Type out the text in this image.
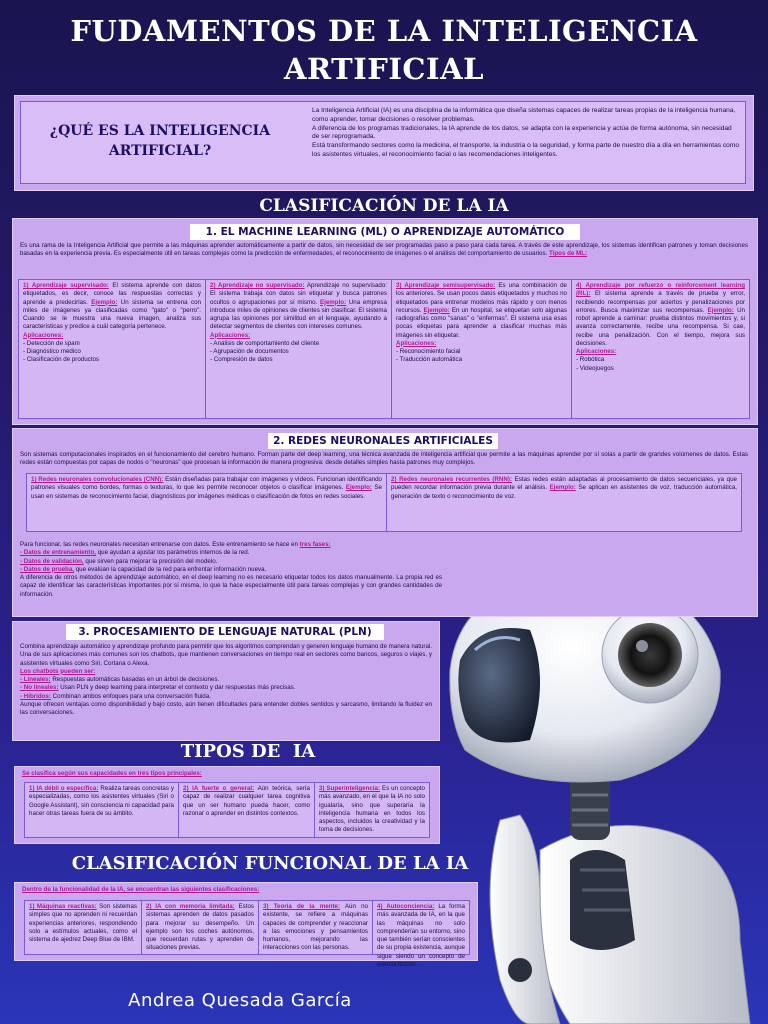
FUDAMENTOS DE LA INTELIGENCIA
ARTIFICIAL
¿QUÉ ES LA INTELIGENCIA
ARTIFICIAL?

La Inteligencia Artificial (IA) es una disciplina de la informática que diseña sistemas capaces de realizar tareas propias de la inteligencia humana, como aprender, tomar decisiones o resolver problemas.

A diferencia de los programas tradicionales, la IA aprende de los datos, se adapta con la experiencia y actúa de forma autónoma, sin necesidad de ser reprogramada.

Está transformando sectores como la medicina, el transporte, la industria o la seguridad, y forma parte de nuestro día a día en herramientas como los asistentes virtuales, el reconocimiento facial o las recomendaciones inteligentes.

CLASIFICACIÓN DE LA IA
1. EL MACHINE LEARNING (ML) O APRENDIZAJE AUTOMÁTICO
Es una rama de la Inteligencia Artificial que permite a las máquinas aprender automáticamente a partir de datos, sin necesidad de ser programadas paso a paso para cada tarea. A través de este aprendizaje, los sistemas identifican patrones y toman decisiones basadas en la experiencia previa. Es especialmente útil en tareas complejas como la predicción de enfermedades, el reconocimiento de imágenes o el análisis del comportamiento de usuarios. Tipos de ML:
1) Aprendizaje supervisado: El sistema aprende con datos etiquetados, es decir, conoce las respuestas correctas y aprende a predecirlas. Ejemplo: Un sistema se entrena con miles de imágenes ya clasificadas como "gato" o "perro". Cuando se le muestra una nueva imagen, analiza sus características y predice a cuál categoría pertenece.
Aplicaciones:
- Detección de spam
- Diagnóstico médico
- Clasificación de productos
2) Aprendizaje no supervisado: Aprendizaje no supervisado: El sistema trabaja con datos sin etiquetar y busca patrones ocultos o agrupaciones por sí mismo. Ejemplo: Una empresa introduce miles de opiniones de clientes sin clasificar. El sistema agrupa las opiniones por similitud en el lenguaje, ayudando a detectar segmentos de clientes con intereses comunes.
Aplicaciones:
- Análisis de comportamiento del cliente
- Agrupación de documentos
- Compresión de datos
3) Aprendizaje semisupervisado: Es una combinación de los anteriores. Se usan pocos datos etiquetados y muchos no etiquetados para entrenar modelos más rápido y con menos recursos. Ejemplo: En un hospital, se etiquetan solo algunas radiografías como "sanas" o "enfermas". El sistema usa esas pocas etiquetas para aprender a clasificar muchas más imágenes sin etiquetar.
Aplicaciones:
- Reconocimiento facial
- Traducción automática
4) Aprendizaje por refuerzo o reinforcement learning (RL): El sistema aprende a través de prueba y error, recibiendo recompensas por aciertos y penalizaciones por errores. Busca maximizar sus recompensas. Ejemplo: Un robot aprende a caminar: prueba distintos movimientos y, si avanza correctamente, recibe una recompensa. Si cae, recibe una penalización. Con el tiempo, mejora sus decisiones.
Aplicaciones:
- Robótica
- Videojuegos
2. REDES NEURONALES ARTIFICIALES
Son sistemas computacionales inspirados en el funcionamiento del cerebro humano. Forman parte del deep learning, una técnica avanzada de inteligencia artificial que permite a las máquinas aprender por sí solas a partir de grandes volúmenes de datos. Estas redes están compuestas por capas de nodos o "neuronas" que procesan la información de manera progresiva: desde detalles simples hasta patrones muy complejos.
1) Redes neuronales convolucionales (CNN): Están diseñadas para trabajar con imágenes y vídeos. Funcionan identificando patrones visuales como bordes, formas o texturas, lo que les permite reconocer objetos o clasificar imágenes. Ejemplo: Se usan en sistemas de reconocimiento facial, diagnósticos por imágenes médicas o clasificación de fotos en redes sociales.
2) Redes neuronales recurrentes (RNN): Estas redes están adaptadas al procesamiento de datos secuenciales, ya que pueden recordar información previa durante el análisis. Ejemplo: Se aplican en asistentes de voz, traducción automática, generación de texto o reconocimiento de voz.
Para funcionar, las redes neuronales necesitan entrenarse con datos. Este entrenamiento se hace en tres fases:
- Datos de entrenamiento, que ayudan a ajustar los parámetros internos de la red.
- Datos de validación, que sirven para mejorar la precisión del modelo.
- Datos de prueba, que evalúan la capacidad de la red para enfrentar información nueva.
A diferencia de otros métodos de aprendizaje automático, en el deep learning no es necesario etiquetar todos los datos manualmente. La propia red es capaz de identificar las características importantes por sí misma, lo que la hace especialmente útil para tareas complejas y con grandes cantidades de información.
3. PROCESAMIENTO DE LENGUAJE NATURAL (PLN)
Combina aprendizaje automático y aprendizaje profundo para permitir que los algoritmos comprendan y generen lenguaje humano de manera natural. Una de sus aplicaciones más comunes son los chatbots, que mantienen conversaciones en tiempo real en sectores como bancos, seguros o viajes, y asistentes virtuales como Siri, Cortana o Alexa.
Los chatbots pueden ser:
- Lineales: Respuestas automáticas basadas en un árbol de decisiones.
- No lineales: Usan PLN y deep learning para interpretar el contexto y dar respuestas más precisas.
- Híbridos: Combinan ambos enfoques para una conversación fluida.
Aunque ofrecen ventajas como disponibilidad y bajo costo, aún tienen dificultades para entender dobles sentidos y sarcasmo, limitando la fluidez en las conversaciones.
TIPOS DE  IA
Se clasifica según sus capacidades en tres tipos principales:
1) IA débil o específica: Realiza tareas concretas y especializadas, como los asistentes virtuales (Siri o Google Assistant), sin consciencia ni capacidad para hacer otras tareas fuera de su ámbito.
2) IA fuerte o general: Aún teórica, sería capaz de realizar cualquier tarea cognitiva que un ser humano pueda hacer, como razonar o aprender en distintos contextos.
3) Superinteligencia: Es un concepto más avanzado, en el que la IA no solo igualaría, sino que superaría la inteligencia humana en todos los aspectos, incluidos la creatividad y la toma de decisiones.
CLASIFICACIÓN FUNCIONAL DE LA IA
Dentro de la funcionalidad de la IA, se encuentran las siguientes clasificaciones:
1) Máquinas reactivas: Son sistemas simples que no aprenden ni recuerdan experiencias anteriores, respondiendo solo a estímulos actuales, como el sistema de ajedrez Deep Blue de IBM.
2) IA con memoria limitada: Estos sistemas aprenden de datos pasados para mejorar su desempeño. Un ejemplo son los coches autónomos, que recuerdan rutas y aprenden de situaciones previas.
3) Teoría de la mente: Aún no existente, se refiere a máquinas capaces de comprender y reaccionar a las emociones y pensamientos humanos, mejorando las interacciones con las personas.
4) Autoconciencia: La forma más avanzada de IA, en la que las máquinas no solo comprenderían su entorno, sino que también serían conscientes de su propia existencia, aunque sigue siendo un concepto de ciencia ficción.
Andrea Quesada García
